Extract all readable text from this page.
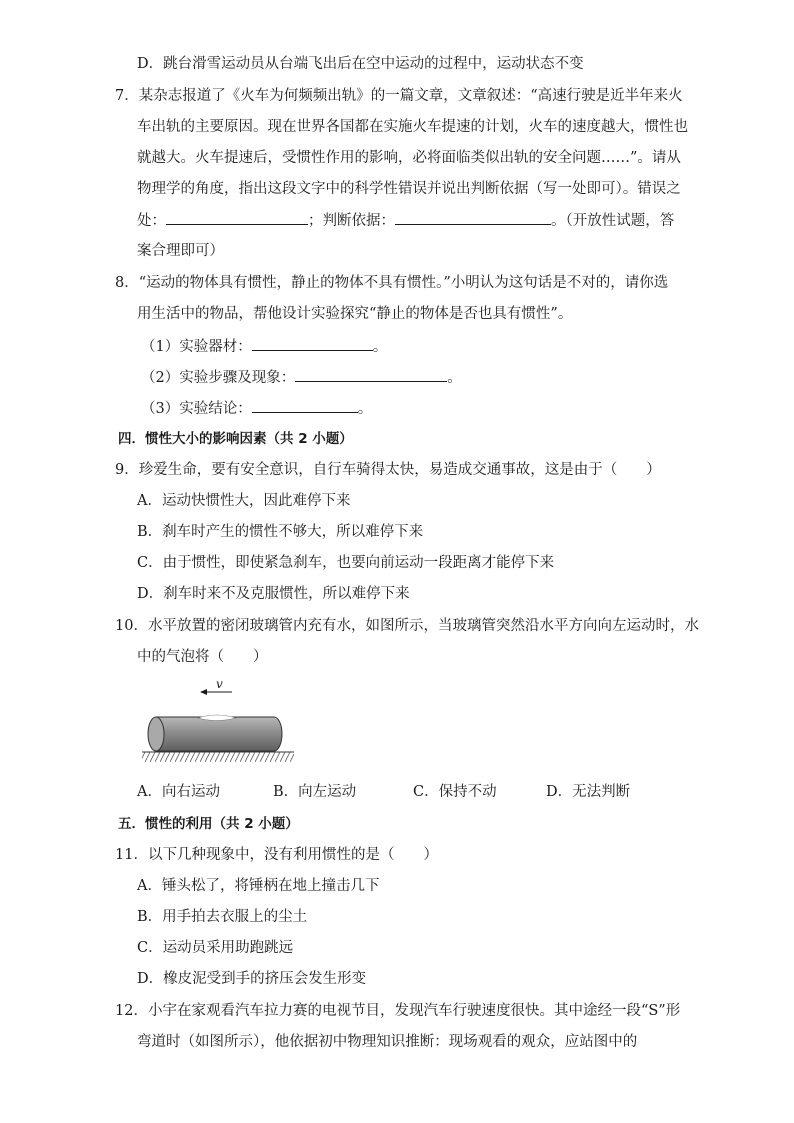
D．跳台滑雪运动员从台端飞出后在空中运动的过程中，运动状态不变
7．某杂志报道了《火车为何频频出轨》的一篇文章，文章叙述：“高速行驶是近半年来火
车出轨的主要原因。现在世界各国都在实施火车提速的计划，火车的速度越大，惯性也
就越大。火车提速后，受惯性作用的影响，必将面临类似出轨的安全问题……”。请从
物理学的角度，指出这段文字中的科学性错误并说出判断依据（写一处即可）。错误之
处：	；判断依据：	。（开放性试题，答
案合理即可）
8．“运动的物体具有惯性，静止的物体不具有惯性。”小明认为这句话是不对的，请你选
用生活中的物品，帮他设计实验探究“静止的物体是否也具有惯性”。
（1）实验器材：	。
（2）实验步骤及现象：	。
（3）实验结论：	。
四．惯性大小的影响因素（共 2 小题）
9．珍爱生命，要有安全意识，自行车骑得太快，易造成交通事故，这是由于（　　）
A．运动快惯性大，因此难停下来
B．刹车时产生的惯性不够大，所以难停下来
C．由于惯性，即使紧急刹车，也要向前运动一段距离才能停下来
D．刹车时来不及克服惯性，所以难停下来
10．水平放置的密闭玻璃管内充有水，如图所示，当玻璃管突然沿水平方向向左运动时，水
中的气泡将（　　）
v
A．向右运动	B．向左运动	C．保持不动	D．无法判断
五．惯性的利用（共 2 小题）
11．以下几种现象中，没有利用惯性的是（　　）
A．锤头松了，将锤柄在地上撞击几下
B．用手拍去衣服上的尘土
C．运动员采用助跑跳远
D．橡皮泥受到手的挤压会发生形变
12．小宇在家观看汽车拉力赛的电视节目，发现汽车行驶速度很快。其中途经一段“S”形
弯道时（如图所示），他依据初中物理知识推断：现场观看的观众，应站图中的
